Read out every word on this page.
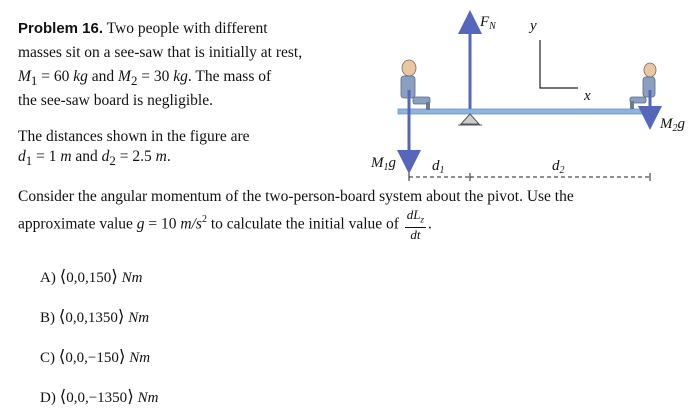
Problem 16. Two people with different
masses sit on a see-saw that is initially at rest,
$M_1 = 60$ kg and $M_2 = 30$ kg. The mass of
the see-saw board is negligible.
The distances shown in the figure are
$d_1 = 1$ m and $d_2 = 2.5$ m.
Consider the angular momentum of the two-person-board system about the pivot. Use the
approximate value g = 10 $m/s^2$ to calculate the initial value of $\frac{dL_z}{dt}$ .
$F_N$ y
x
$M_1g$
$M_2g$
$d_1$	$d_2$
A) ⟨0,0,150⟩ Nm
B) ⟨0,0,1350⟩ Nm
C) ⟨0,0,−150⟩ Nm
D) ⟨0,0,−1350⟩ Nm
